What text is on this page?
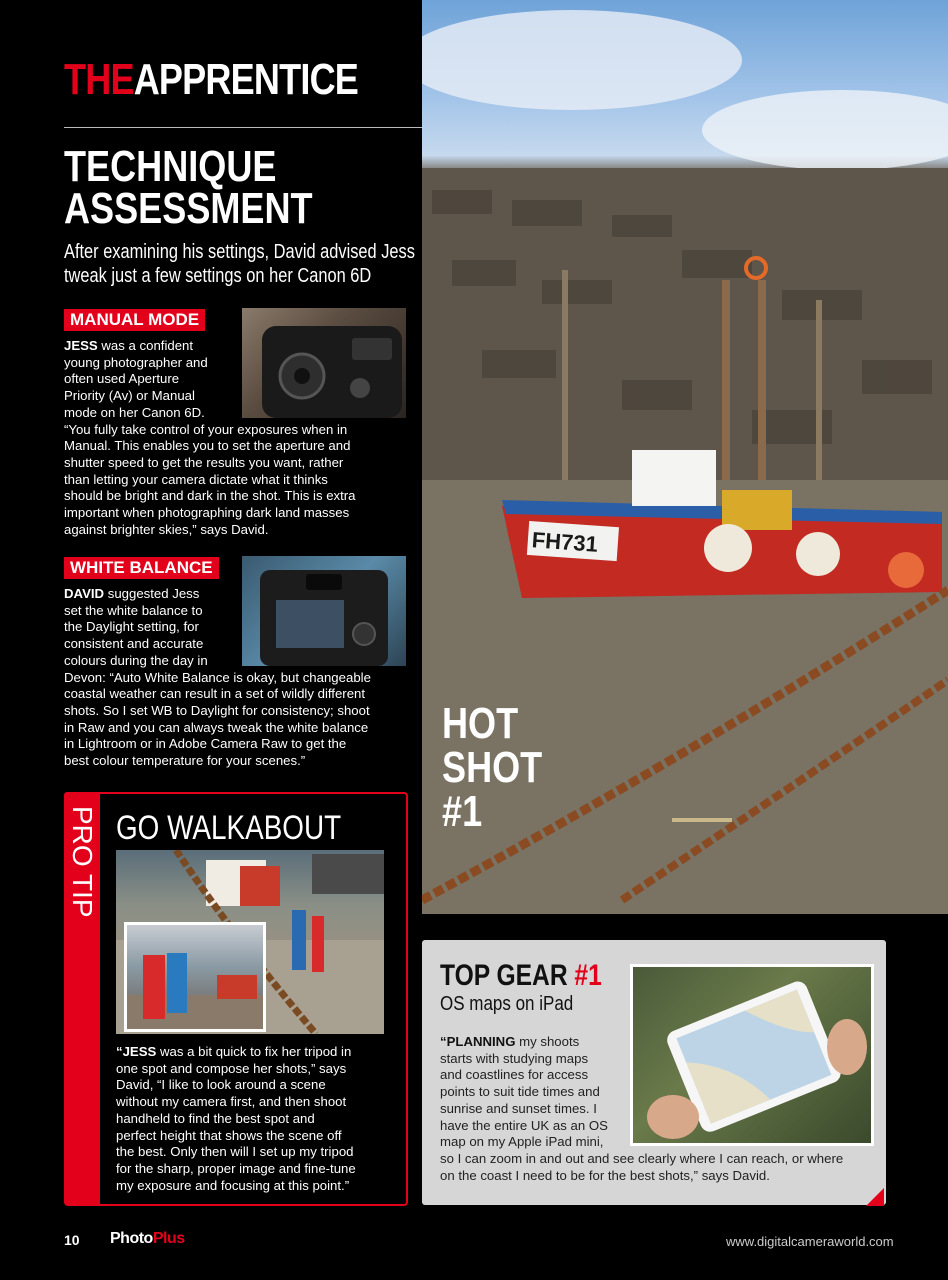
THEAPPRENTICE
TECHNIQUE
ASSESSMENT
After examining his settings, David advised Jess
tweak just a few settings on her Canon 6D
MANUAL MODE
JESS was a confident
young photographer and
often used Aperture
Priority (Av) or Manual
mode on her Canon 6D.
“You fully take control of your exposures when in
Manual. This enables you to set the aperture and
shutter speed to get the results you want, rather
than letting your camera dictate what it thinks
should be bright and dark in the shot. This is extra
important when photographing dark land masses
against brighter skies,” says David.
WHITE BALANCE
DAVID suggested Jess
set the white balance to
the Daylight setting, for
consistent and accurate
colours during the day in
Devon: “Auto White Balance is okay, but changeable
coastal weather can result in a set of wildly different
shots. So I set WB to Daylight for consistency; shoot
in Raw and you can always tweak the white balance
in Lightroom or in Adobe Camera Raw to get the
best colour temperature for your scenes.”
FH731
HOT
SHOT
#1
PRO TIP GO WALKABOUT
“JESS was a bit quick to fix her tripod in
one spot and compose her shots,” says
David, “I like to look around a scene
without my camera first, and then shoot
handheld to find the best spot and
perfect height that shows the scene off
the best. Only then will I set up my tripod
for the sharp, proper image and fine-tune
my exposure and focusing at this point.”
TOP GEAR #1
OS maps on iPad
“PLANNING my shoots
starts with studying maps
and coastlines for access
points to suit tide times and
sunrise and sunset times. I
have the entire UK as an OS
map on my Apple iPad mini,
so I can zoom in and out and see clearly where I can reach, or where
on the coast I need to be for the best shots,” says David.
10 PhotoPlus	www.digitalcameraworld.com
